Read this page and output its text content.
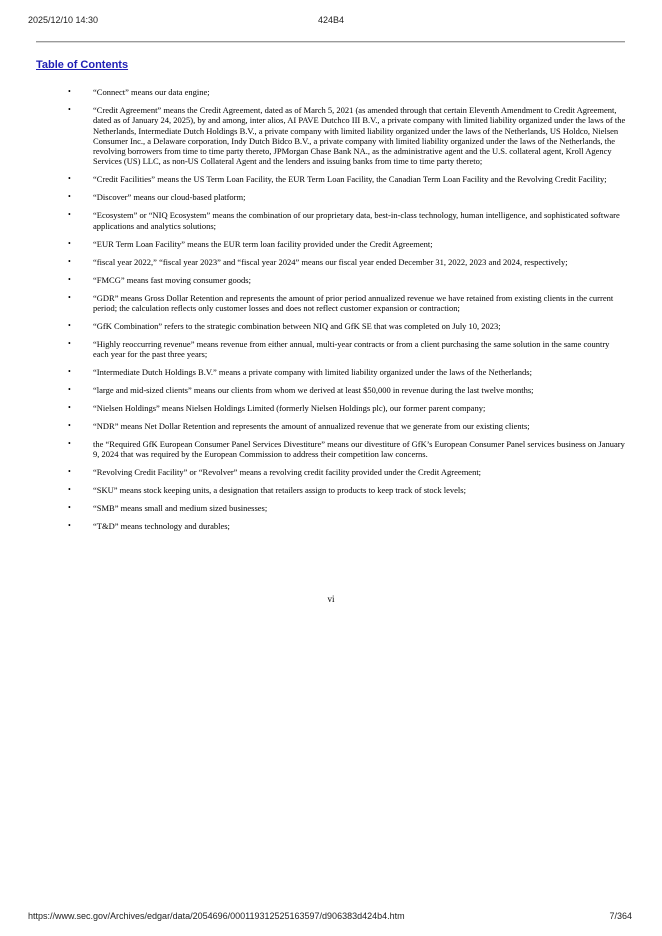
2025/12/10 14:30	424B4
Table of Contents
•	“Connect” means our data engine;
•	“Credit Agreement” means the Credit Agreement, dated as of March 5, 2021 (as amended through that certain Eleventh Amendment to Credit Agreement, dated as of January 24, 2025), by and among, inter alios, AI PAVE Dutchco III B.V., a private company with limited liability organized under the laws of the Netherlands, Intermediate Dutch Holdings B.V., a private company with limited liability organized under the laws of the Netherlands, US Holdco, Nielsen Consumer Inc., a Delaware corporation, Indy Dutch Bidco B.V., a private company with limited liability organized under the laws of the Netherlands, the revolving borrowers from time to time party thereto, JPMorgan Chase Bank NA., as the administrative agent and the U.S. collateral agent, Kroll Agency Services (US) LLC, as non-US Collateral Agent and the lenders and issuing banks from time to time party thereto;
•	“Credit Facilities” means the US Term Loan Facility, the EUR Term Loan Facility, the Canadian Term Loan Facility and the Revolving Credit Facility;
•	“Discover” means our cloud-based platform;
•	“Ecosystem” or “NIQ Ecosystem” means the combination of our proprietary data, best-in-class technology, human intelligence, and sophisticated software applications and analytics solutions;
•	“EUR Term Loan Facility” means the EUR term loan facility provided under the Credit Agreement;
•	“fiscal year 2022,” “fiscal year 2023” and “fiscal year 2024” means our fiscal year ended December 31, 2022, 2023 and 2024, respectively;
•	“FMCG” means fast moving consumer goods;
•	“GDR” means Gross Dollar Retention and represents the amount of prior period annualized revenue we have retained from existing clients in the current period; the calculation reflects only customer losses and does not reflect customer expansion or contraction;
•	“GfK Combination” refers to the strategic combination between NIQ and GfK SE that was completed on July 10, 2023;
•	“Highly reoccurring revenue” means revenue from either annual, multi-year contracts or from a client purchasing the same solution in the same country each year for the past three years;
•	“Intermediate Dutch Holdings B.V.” means a private company with limited liability organized under the laws of the Netherlands;
•	“large and mid-sized clients” means our clients from whom we derived at least $50,000 in revenue during the last twelve months;
•	“Nielsen Holdings” means Nielsen Holdings Limited (formerly Nielsen Holdings plc), our former parent company;
•	“NDR” means Net Dollar Retention and represents the amount of annualized revenue that we generate from our existing clients;
•	the “Required GfK European Consumer Panel Services Divestiture” means our divestiture of GfK’s European Consumer Panel services business on January 9, 2024 that was required by the European Commission to address their competition law concerns.
•	“Revolving Credit Facility” or “Revolver” means a revolving credit facility provided under the Credit Agreement;
•	“SKU” means stock keeping units, a designation that retailers assign to products to keep track of stock levels;
•	“SMB” means small and medium sized businesses;
•	“T&D” means technology and durables;
vi
https://www.sec.gov/Archives/edgar/data/2054696/000119312525163597/d906383d424b4.htm	7/364
